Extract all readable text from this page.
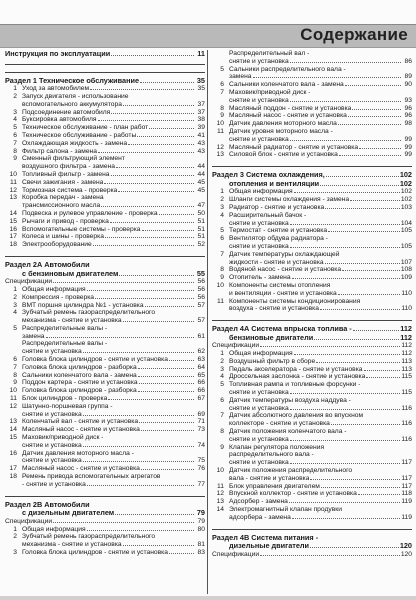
Содержание
Инструкция по эксплуатации	11
Раздел 1 Техническое обслуживание	35
1 Уход за автомобилем	35
2 Запуск двигателя - использование
вспомогательного аккумулятора	37
3 Подсоединение автомобиля	37
4 Буксировка автомобиля	38
5 Техническое обслуживание - план работ	39
6 Техническое обслуживание - работы	41
7 Охлаждающая жидкость - замена	43
8 Фильтр салона - замена	43
9 Сменный фильтрующий элемент
воздушного фильтра - замена	44
10 Топливный фильтр - замена	44
11 Свечи зажигания - замена	45
12 Тормозная система - проверка	45
13 Коробка передач - замена
трансмиссионного масла	47
14 Подвеска и рулевое управление - проверка	50
15 Рычаги и привод - проверка	51
16 Вспомогательные системы - проверка	51
17 Колеса и шины - проверка	51
18 Электрооборудование	52
Раздел 2А Автомобили
с бензиновым двигателем	55
Спецификации	56
1 Общая информация	56
2 Компрессия - проверка	56
3 ВМТ поршня цилиндра №1 - установка	57
4 Зубчатый ремень газораспределительного
механизма - снятие и установка	57
5 Распределительные валы -
замена	61
Распределительные валы -
снятие и установка	62
6 Головка блока цилиндров - снятие и установка	63
7 Головка блока цилиндров - разборка	64
8 Сальники коленчатого вала - замена	65
9 Поддон картера - снятие и установка	66
10 Головка блока цилиндров - разборка	66
11 Блок цилиндров - проверка	67
12 Шатунно-поршневая группа -
снятие и установка	69
13 Коленчатый вал - снятие и установка	71
14 Масляный насос - снятие и установка	73
15 Маховик/приводной диск -
снятие и установка	74
16 Датчик давления моторного масла -
снятие и установка	75
17 Масляный насос - снятие и установка	76
18 Ремень привода вспомогательных агрегатов
- снятие и установка	77
Раздел 2В Автомобили
с дизельным двигателем	79
Спецификации	79
1 Общая информация	80
2 Зубчатый ремень газораспределительного
механизма - снятие и установка	81
3 Головка блока цилиндров - снятие и установка	83
Распределительный вал -
снятие и установка	86
5 Сальники распределительного вала -
замена	89
6 Сальники коленчатого вала - замена	90
7 Маховик/приводной диск -
снятие и установка	93
8 Масляный поддон - снятие и установка	96
9 Масляный насос - снятие и установка	96
10 Датчик давления моторного масла	98
11 Датчик уровня моторного масла -
снятие и установка	99
12 Масляный радиатор - снятие и установка	99
13 Силовой блок - снятие и установка	99
Раздел 3 Система охлаждения,	102
отопления и вентиляции	102
1 Общая информация	102
2 Шланги системы охлаждения - замена	102
3 Радиатор - снятие и установка	103
4 Расширительный бачок -
снятие и установка	104
5 Термостат - снятие и установка	105
6 Вентилятор обдува радиатора -
снятие и установка	105
7 Датчик температуры охлаждающей
жидкости - снятие и установка	107
8 Водяной насос - снятие и установка	108
9 Отопитель - замена	109
10 Компоненты системы отопления
и вентиляции - снятие и установка	110
11 Компоненты системы кондиционирования
воздуха - снятие и установка	110
Раздел 4А Система впрыска топлива -	112
бензиновые двигатели	112
Спецификации	112
1 Общая информация	112
2 Воздушный фильтр в сборе	113
3 Педаль акселератора - снятие и установка	113
4 Дроссельная заслонка - снятие и установка	115
5 Топливная рампа и топливные форсунки -
снятие и установка	115
6 Датчик температуры воздуха наддува -
снятие и установка	116
7 Датчик абсолютного давления во впускном
коллекторе - снятие и установка	116
8 Датчик положения коленчатого вала -
снятие и установка	116
9 Клапан регулятора положения
распределительного вала -
снятие и установка	117
10 Датчик положения распределительного
вала - снятие и установка	117
11 Блок управления двигателем	117
12 Впускной коллектор - снятие и установка	118
13 Адсорбер - замена	119
14 Электромагнитный клапан продувки
адсорбера - замена	119
Раздел 4В Система питания -
дизельные двигатели	120
Спецификации	120
